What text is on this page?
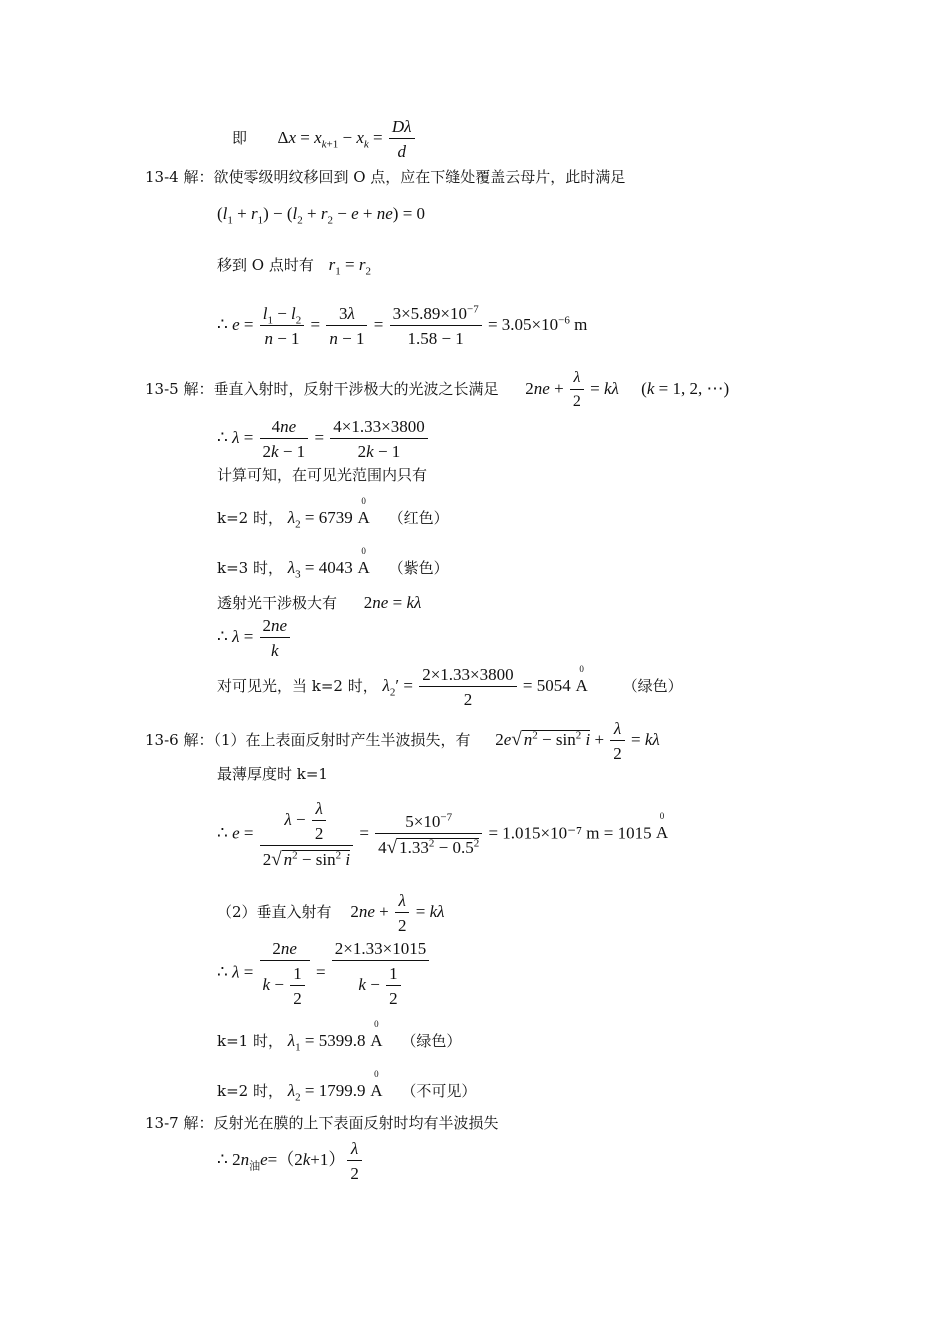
即  $\Delta x = x_{k+1} - x_k = \frac{D\lambda}{d}$
13-4 解：欲使零级明纹移回到 O 点，应在下缝处覆盖云母片，此时满足
$(l_1 + r_1) - (l_2 + r_2 - e + ne) = 0$
移到 O 点时有 $r_1 = r_2$
∴ $e = \frac{l_1 - l_2}{n - 1} = \frac{3\lambda}{n - 1} = \frac{3\times 5.89\times 10^{-7}}{1.58 - 1} = 3.05\times 10^{-6}$ m
13-5 解：垂直入射时，反射干涉极大的光波之长满足 $2ne + \frac{\lambda}{2} = k\lambda$ (k = 1, 2, ⋯)
∴ $\lambda = \frac{4ne}{2k - 1} = \frac{4\times 1.33\times 3800}{2k - 1}$
计算可知，在可见光范围内只有
k=2 时， $\lambda_2 = 6739$
0
A （红色）
k=3 时， $\lambda_3 = 4043$
0
A （紫色）
透射光干涉极大有 2ne = kλ
∴ $\lambda = \frac{2ne}{k}$
对可见光，当 k=2 时， $\lambda_2' = \frac{2\times 1.33\times 3800}{2} = 5054$
0
A （绿色）
13-6 解：（1）在上表面反射时产生半波损失，有 2e√ $n^2 - \sin^2 i + \frac{\lambda}{2} = k\lambda$
最薄厚度时 k=1
∴ $e = \frac{\lambda - \frac{\lambda}{2}}{2√ n^2 - \sin^2 i} = \frac{5\times 10^{-7}}{4√ 1.33^2 - 0.5^2} = 1.015\times 10^{-7}$ m = 1015
0
A
（2）垂直入射有 $2ne + \frac{\lambda}{2} = k\lambda$
∴ $\lambda = \frac{2ne}{k - \frac{1}{2}} = \frac{2\times 1.33\times 1015}{k - \frac{1}{2}}$
k=1 时， $\lambda_1 = 5399.8$
0
A （绿色）
k=2 时， $\lambda_2 = 1799.9$
0
A （不可见）
13-7 解：反射光在膜的上下表面反射时均有半波损失
∴ $2n_油e=(2k+1) \frac{\lambda}{2}$
